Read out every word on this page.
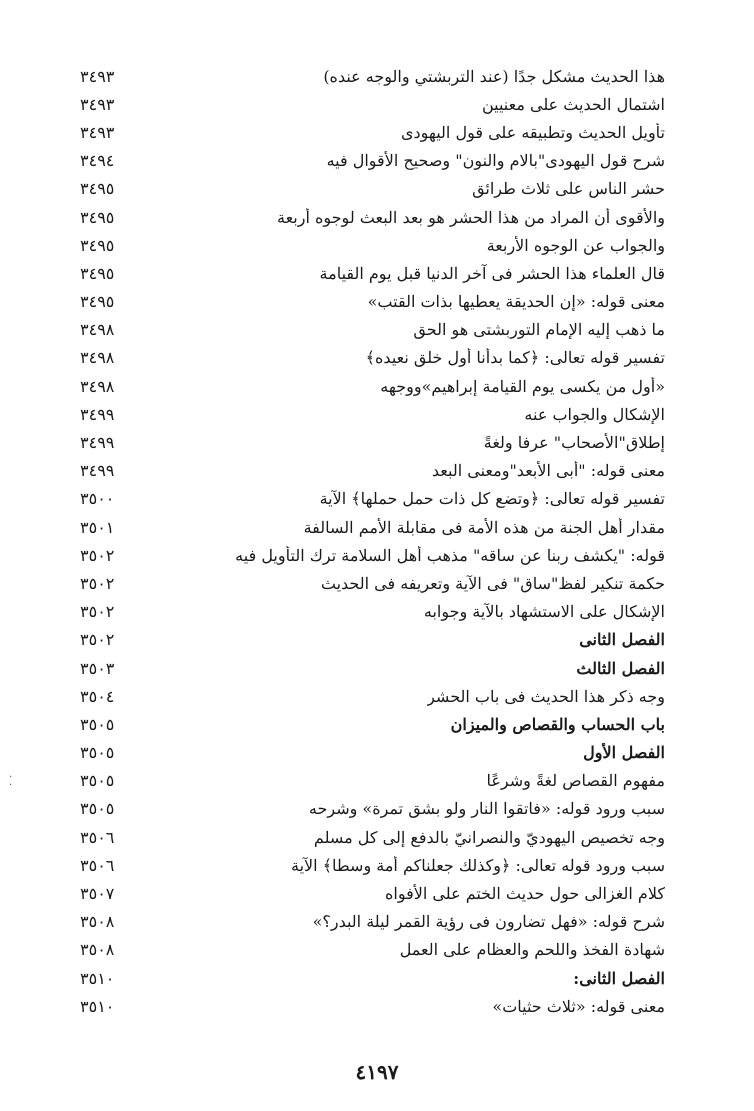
·
·
هذا الحديث مشكل جدًا (عند التربشتي والوجه عنده)
٣٤٩٣
اشتمال الحديث على معنيين
٣٤٩٣
تأويل الحديث وتطبيقه على قول اليهودى
٣٤٩٣
شرح قول اليهودى"بالام والنون" وصحيح الأقوال فيه
٣٤٩٤
حشر الناس على ثلاث طرائق
٣٤٩٥
والأقوى أن المراد من هذا الحشر هو بعد البعث لوجوه أربعة
٣٤٩٥
والجواب عن الوجوه الأربعة
٣٤٩٥
قال العلماء هذا الحشر فى آخر الدنيا قبل يوم القيامة
٣٤٩٥
معنى قوله: «إن الحديقة يعطيها بذات القتب»
٣٤٩٥
ما ذهب إليه الإمام التوربشتى هو الحق
٣٤٩٨
تفسير قوله تعالى: ﴿كما بدأنا أول خلق نعيده﴾
٣٤٩٨
«أول من يكسى يوم القيامة إبراهيم»ووجهه
٣٤٩٨
الإشكال والجواب عنه
٣٤٩٩
إطلاق"الأصحاب" عرفا ولغةً
٣٤٩٩
معنى قوله: "أبى الأبعد"ومعنى البعد
٣٤٩٩
تفسير قوله تعالى: ﴿وتضع كل ذات حمل حملها﴾ الآية
٣٥٠٠
مقدار أهل الجنة من هذه الأمة فى مقابلة الأمم السالفة
٣٥٠١
قوله: "يكشف ربنا عن ساقه" مذهب أهل السلامة ترك التأويل فيه
٣٥٠٢
حكمة تنكير لفظ"ساق" فى الآية وتعريفه فى الحديث
٣٥٠٢
الإشكال على الاستشهاد بالآية وجوابه
٣٥٠٢
الفصل الثانى
٣٥٠٢
الفصل الثالث
٣٥٠٣
وجه ذكر هذا الحديث فى باب الحشر
٣٥٠٤
باب الحساب والقصاص والميزان
٣٥٠٥
الفصل الأول
٣٥٠٥
مفهوم القصاص لغةً وشرعًا
٣٥٠٥
سبب ورود قوله: «فاتقوا النار ولو بشق تمرة» وشرحه
٣٥٠٥
وجه تخصيص اليهوديّ والنصرانيّ بالدفع إلى كل مسلم
٣٥٠٦
سبب ورود قوله تعالى: ﴿وكذلك جعلناكم أمة وسطا﴾ الآية
٣٥٠٦
كلام الغزالى حول حديث الختم على الأفواه
٣٥٠٧
شرح قوله: «فهل تضارون فى رؤية القمر ليلة البدر؟»
٣٥٠٨
شهادة الفخذ واللحم والعظام على العمل
٣٥٠٨
الفصل الثانى:
٣٥١٠
معنى قوله: «ثلاث حثيات»
٣٥١٠
٤١٩٧
